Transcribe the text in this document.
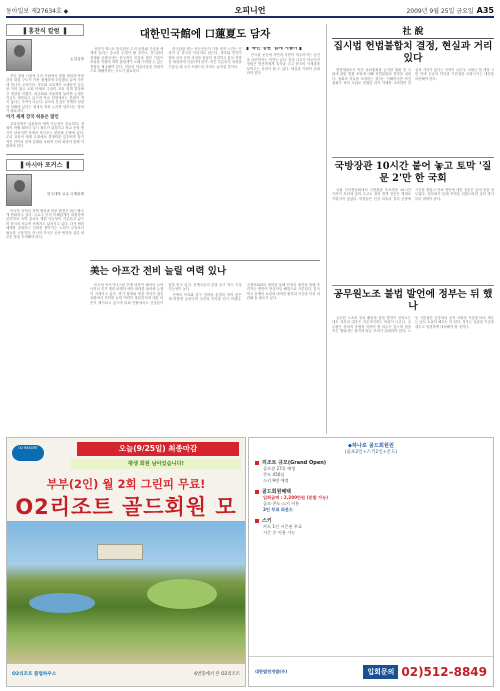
동아일보 제27634호 ◆	오피니언	2009년 9월 25일 금요일 A35
▌홍찬식 칼럼 ▐
논설실장

지난 정권 시절에 우리 사회에서 집권 세력과 야당 간의 대결 구도가 가장 첨예하게 부딪쳤던 분야 가운데 하나가 교육이다. 정부와 교육계가 오랫동안 갈등을 이어 왔고 교원 단체의 주장이 교육 정책 결정에 큰 영향을 미쳤다. 평준화와 자율화를 둘러싼 논쟁은 지금도 계속되고 있으며 학교 현장에서는 혼란이 적지 않다는 지적이 나온다. 교육의 본질은 학생의 성장과 미래에 있다는 점에서 정치 논리를 넘어서는 합의가 필요하다.

이기 세계 강국 허용은 말인

교육정책은 일관성과 예측 가능성이 중요하다. 정권이 바뀔 때마다 입시 제도가 뒤집히고 학교 운영 방식이 달라지면 학생과 학부모는 불안할 수밖에 없다. 우리 교육이 세계 무대에서 경쟁력을 갖추려면 장기적인 안목의 정책 설계와 사회적 신뢰 회복이 함께 이뤄져야 한다.

▌아시아 포커스 ▐
한국대학 교수 국제관계

아시아 지역의 경제 협력과 안보 환경은 최근 빠르게 변화하고 있다. 주요국 간의 이해관계가 복잡하게 얽히면서 지역 질서의 재편 가능성이 거론되고 있으며 한국의 외교적 선택지도 넓어지고 있다. 다자 협력 체제를 강화하고 신뢰를 쌓아가는 노력이 무엇보다 필요한 시점이다. 아시아 각국은 공동 번영을 위한 새로운 틀을 모색해야 한다.

대한민국館에 口蓮夏도 담자

상하이 엑스포 한국관은 우리 문화와 기술을 세계에 알리는 중요한 무대가 될 것이다. 전시관의 설계와 콘텐츠에는 한국적인 미감과 첨단 기술이 조화를 이뤄야 하며 관람객이 오래 기억할 수 있는 경험을 제공해야 한다. 전통의 아름다움을 현대적으로 재해석하는 시도가 필요하다.

한국관을 찾는 외국인들이 가장 먼저 느끼는 인상이 곧 한국의 이미지로 남는다. 정부와 민간이 힘을 모아 준비 과정을 꼼꼼히 점검하고 홍보 전략을 세밀하게 다듬어야 한다. 작은 부분까지 정성을 기울일 때 국가 브랜드의 가치도 높아질 것이다.

▌'목련 정원' 함께 지을까▐

전시관 곳곳에 자연과 사람이 어우러지는 공간을 마련하자는 의견도 있다. 꽃과 나무가 어우러진 정원은 방문객에게 휴식을 주고 한국의 사계절을 보여주는 상징이 될 수 있다. 세심한 기획이 뒤따라야 한다.

美는 아프간 전비 늘릴 여력 있나

미국의 아프가니스탄 전쟁 비용이 해마다 늘어나면서 추가 병력 파병과 예산 확대를 둘러싼 논쟁이 거세지고 있다. 경기 침체와 재정 적자가 겹친 상황에서 전비를 늘릴 여력이 충분한지에 대한 의문이 제기되고 있으며 의회 안팎에서도 신중론이 힘을 얻고 있다. 동맹국들의 분담 요구 역시 커질 가능성이 높다.

전쟁의 목표와 출구 전략을 분명히 하지 않은 채 비용만 늘린다면 국민의 지지를 얻기 어렵다. 국제사회와의 협력을 통해 안정과 재건을 함께 추진하는 방안이 현실적인 해법으로 거론된다. 한국 역시 동맹의 요청에 대비한 원칙과 기준을 미리 마련해 둘 필요가 있다.

社 說
집시법 헌법불합치 결정, 현실과 거리 있다

헌법재판소가 야간 옥외집회를 금지한 집회 및 시위에 관한 법률 조항에 대해 헌법불합치 결정을 내렸다. 집회의 자유를 보장하는 취지는 이해하지만 야간 집회가 폭력 시위로 번졌던 과거 사례를 고려하면 현실과 거리가 있다는 지적이 나온다. 국회는 법 개정 시한 안에 공공의 안녕과 기본권을 조화시키는 대안을 마련해야 한다.

국방장관 10시간 붙어 놓고 토막 '질문 2'만 한 국회

국회 인사청문회에서 국방장관 후보자를 10시간 가까이 자리에 앉혀 두고도 정작 정책 검증은 제대로 이뤄지지 않았다. 의원들은 신상 의혹과 정치 공방에 시간을 쏟았고 안보 현안에 대한 질문은 손에 꼽을 정도였다. 청문회가 본래 목적을 되찾으려면 질의 방식부터 바꿔야 한다.

공무원노조 불법 발언에 정부는 뒤 했나

공무원 노조의 정치 활동과 불법 발언이 잇따르는데도 정부의 대응은 미온적이라는 비판이 나온다. 공무원은 정치적 중립을 지켜야 할 의무가 있으며 법을 어긴 행위에는 원칙에 따른 조치가 뒤따라야 한다. 노동 기본권은 존중하되 공직 사회의 기강을 바로 세우는 일도 소홀히 해서는 안 된다. 정부는 일관된 기준을 세우고 엄정하게 대처해야 할 것이다.

O2 RESORT	오늘(9/25일) 최종마감
평생 회원 남아있습니다!
부부(2인) 월 2회 그린피 무료!
O2리조트 골드회원 모
O2리조트 클럽하우스	6번홀에서 본 O2리조트
◆하나로 골드회원권
(골프2인+스키2인+콘도)
리조트 규모(Grand Open)
골프장 27홀 예정
콘도 450실
스키 9면 예정
골드회원혜택
입회금액 : 2,200만원 (분할 가능)
골프·콘도·스키 이용
2인 무료 라운드
스키
카드 1인 시즌권 무료
시즌 중 이용 가능
대한발전개발(주)	입회문의 02)512-8849
